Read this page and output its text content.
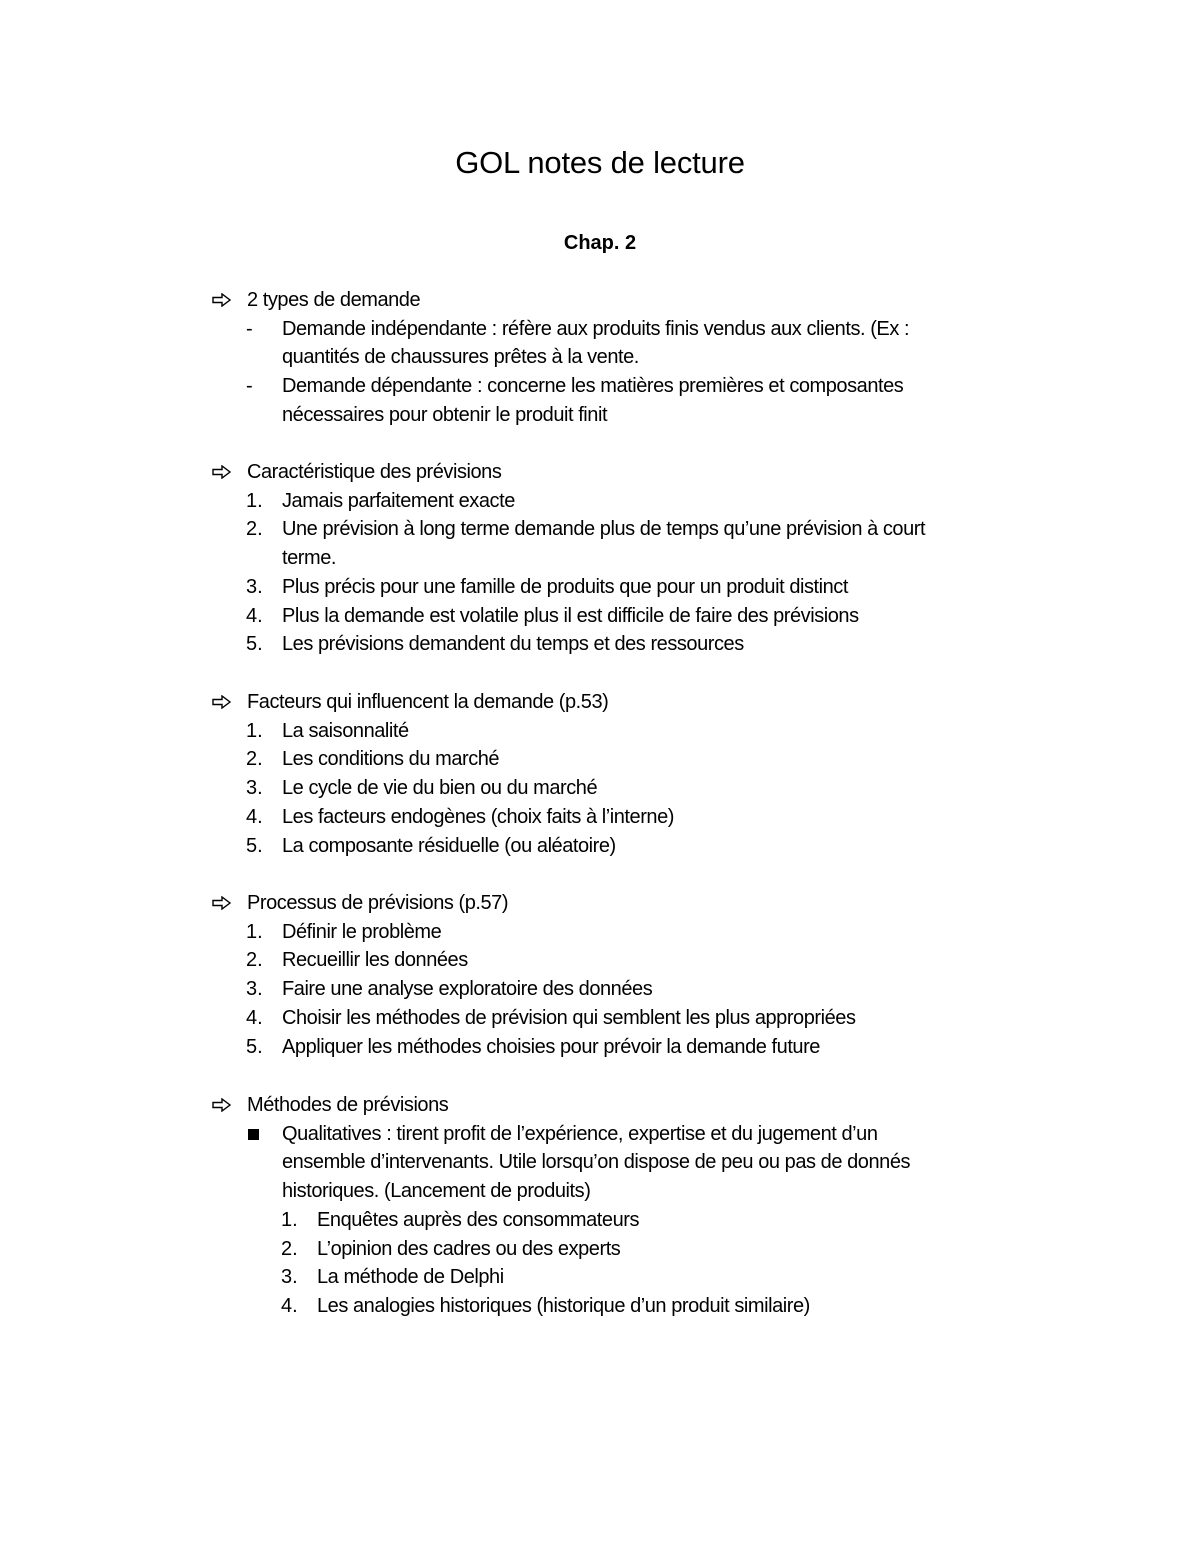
GOL notes de lecture
Chap. 2
2 types de demande
-	Demande indépendante : réfère aux produits finis vendus aux clients. (Ex :
quantités de chaussures prêtes à la vente.
-	Demande dépendante : concerne les matières premières et composantes
nécessaires pour obtenir le produit finit
Caractéristique des prévisions
1. Jamais parfaitement exacte
2. Une prévision à long terme demande plus de temps qu’une prévision à court
terme.
3. Plus précis pour une famille de produits que pour un produit distinct
4. Plus la demande est volatile plus il est difficile de faire des prévisions
5. Les prévisions demandent du temps et des ressources
Facteurs qui influencent la demande (p.53)
1. La saisonnalité
2. Les conditions du marché
3. Le cycle de vie du bien ou du marché
4. Les facteurs endogènes (choix faits à l’interne)
5. La composante résiduelle (ou aléatoire)
Processus de prévisions (p.57)
1. Définir le problème
2. Recueillir les données
3. Faire une analyse exploratoire des données
4. Choisir les méthodes de prévision qui semblent les plus appropriées
5. Appliquer les méthodes choisies pour prévoir la demande future
Méthodes de prévisions
Qualitatives : tirent profit de l’expérience, expertise et du jugement d’un
ensemble d’intervenants. Utile lorsqu’on dispose de peu ou pas de donnés
historiques. (Lancement de produits)
1. Enquêtes auprès des consommateurs
2. L’opinion des cadres ou des experts
3. La méthode de Delphi
4. Les analogies historiques (historique d’un produit similaire)
